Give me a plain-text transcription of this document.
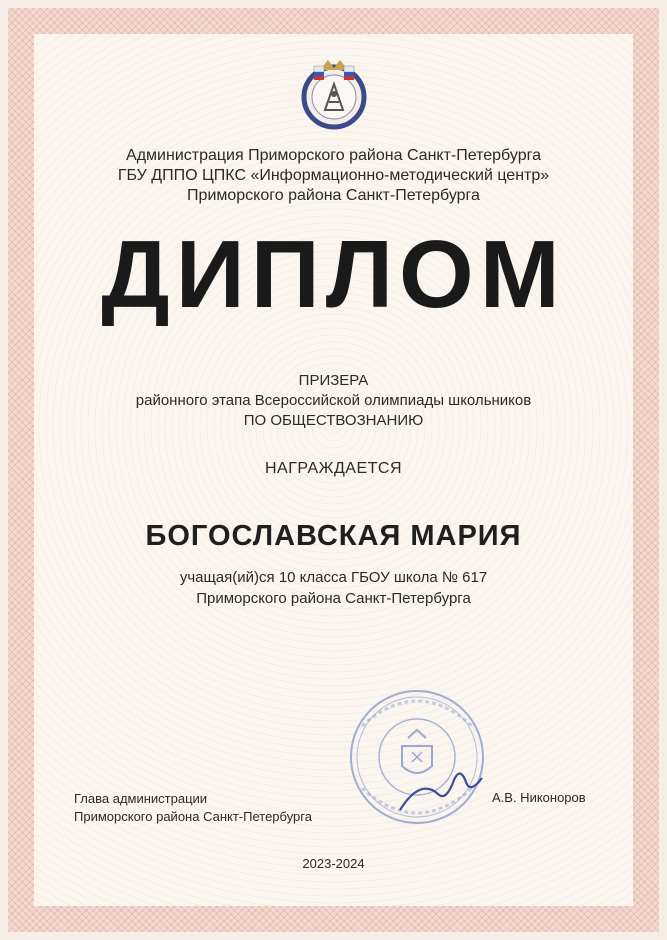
Администрация Приморского района Санкт-Петербурга
ГБУ ДППО ЦПКС «Информационно-методический центр»
Приморского района Санкт-Петербурга
ДИПЛОМ
ПРИЗЕРА
районного этапа Всероссийской олимпиады школьников
ПО ОБЩЕСТВОЗНАНИЮ
НАГРАЖДАЕТСЯ
БОГОСЛАВСКАЯ МАРИЯ
учащая(ий)ся 10 класса ГБОУ школа № 617
Приморского района Санкт-Петербурга
Глава администрации
Приморского района Санкт-Петербурга
А.В. Никоноров
2023-2024
